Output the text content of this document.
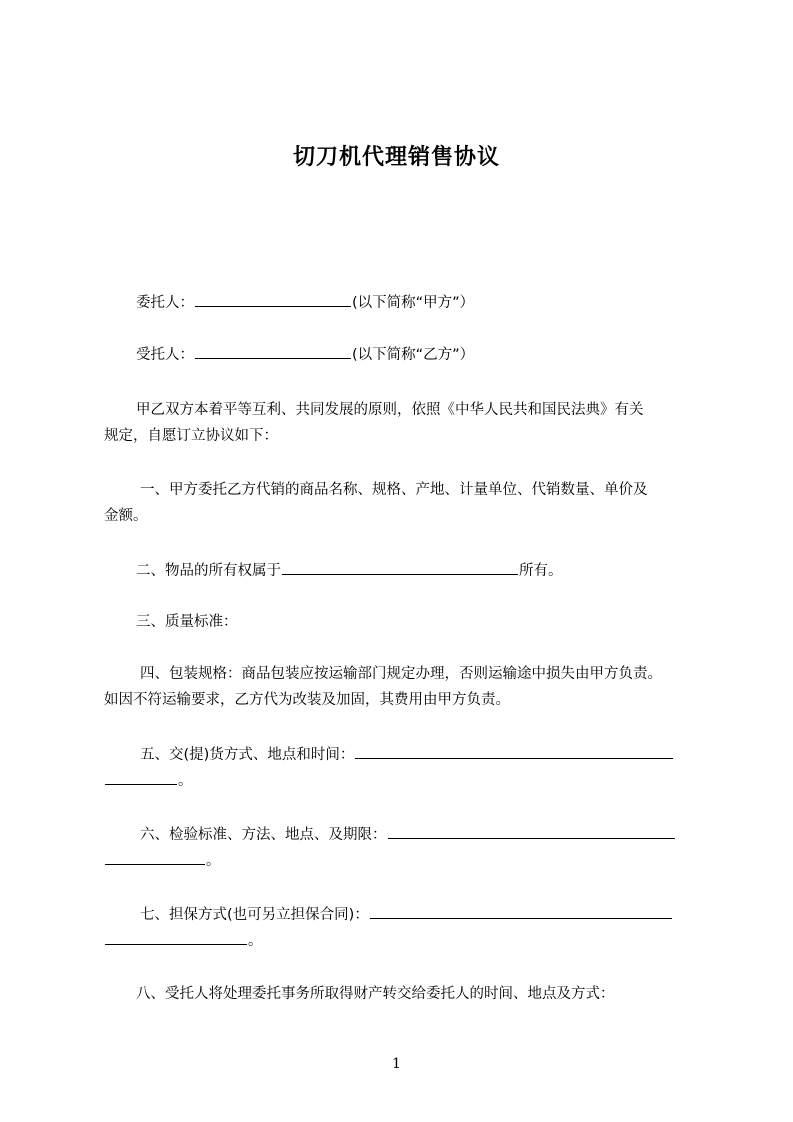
切刀机代理销售协议
委托人：	(以下简称“甲方”）
受托人：	(以下简称“乙方”）
甲乙双方本着平等互利、共同发展的原则，依照《中华人民共和国民法典》有关
规定，自愿订立协议如下：
一、甲方委托乙方代销的商品名称、规格、产地、计量单位、代销数量、单价及
金额。
二、物品的所有权属于	所有。
三、质量标准：
四、包装规格：商品包装应按运输部门规定办理，否则运输途中损失由甲方负责。
如因不符运输要求，乙方代为改装及加固，其费用由甲方负责。
五、交(提)货方式、地点和时间：
。
六、检验标准、方法、地点、及期限：
。
七、担保方式(也可另立担保合同)：
。
八、受托人将处理委托事务所取得财产转交给委托人的时间、地点及方式：
1
